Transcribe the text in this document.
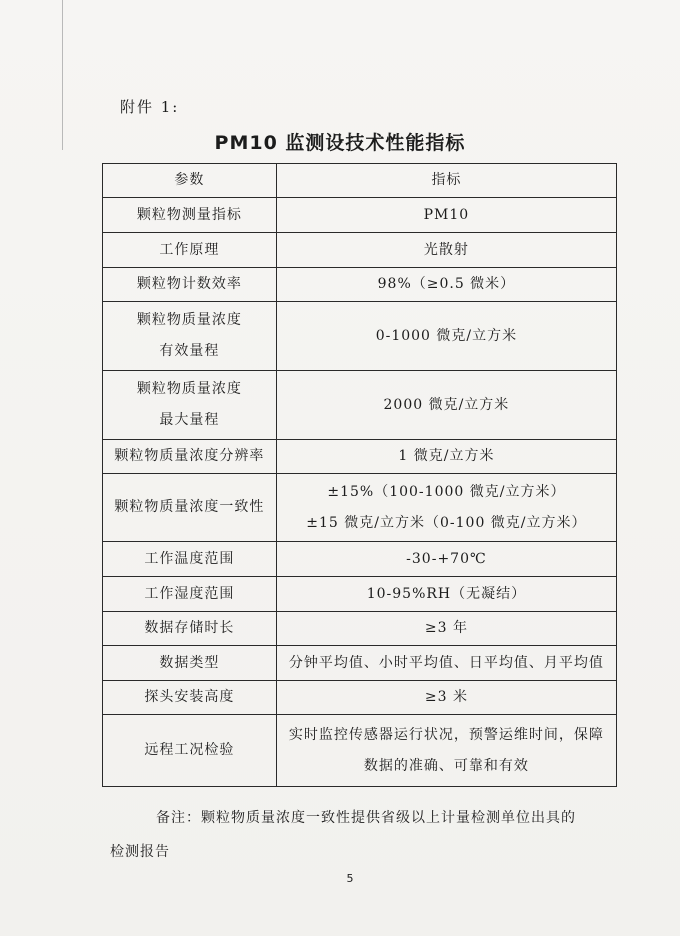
附件 1:
PM10 监测设技术性能指标
参数	指标
颗粒物测量指标	PM10
工作原理	光散射
颗粒物计数效率	98%（≥0.5 微米）
颗粒物质量浓度
有效量程	0-1000 微克/立方米
颗粒物质量浓度
最大量程	2000 微克/立方米
颗粒物质量浓度分辨率	1 微克/立方米
颗粒物质量浓度一致性	±15%（100-1000 微克/立方米）
±15 微克/立方米（0-100 微克/立方米）

工作温度范围	-30-+70℃
工作湿度范围	10-95%RH（无凝结）
数据存储时长	≥3 年
数据类型	分钟平均值、小时平均值、日平均值、月平均值
探头安装高度	≥3 米
远程工况检验	实时监控传感器运行状况，预警运维时间，保障
数据的准确、可靠和有效
备注：颗粒物质量浓度一致性提供省级以上计量检测单位出具的
检测报告
5
